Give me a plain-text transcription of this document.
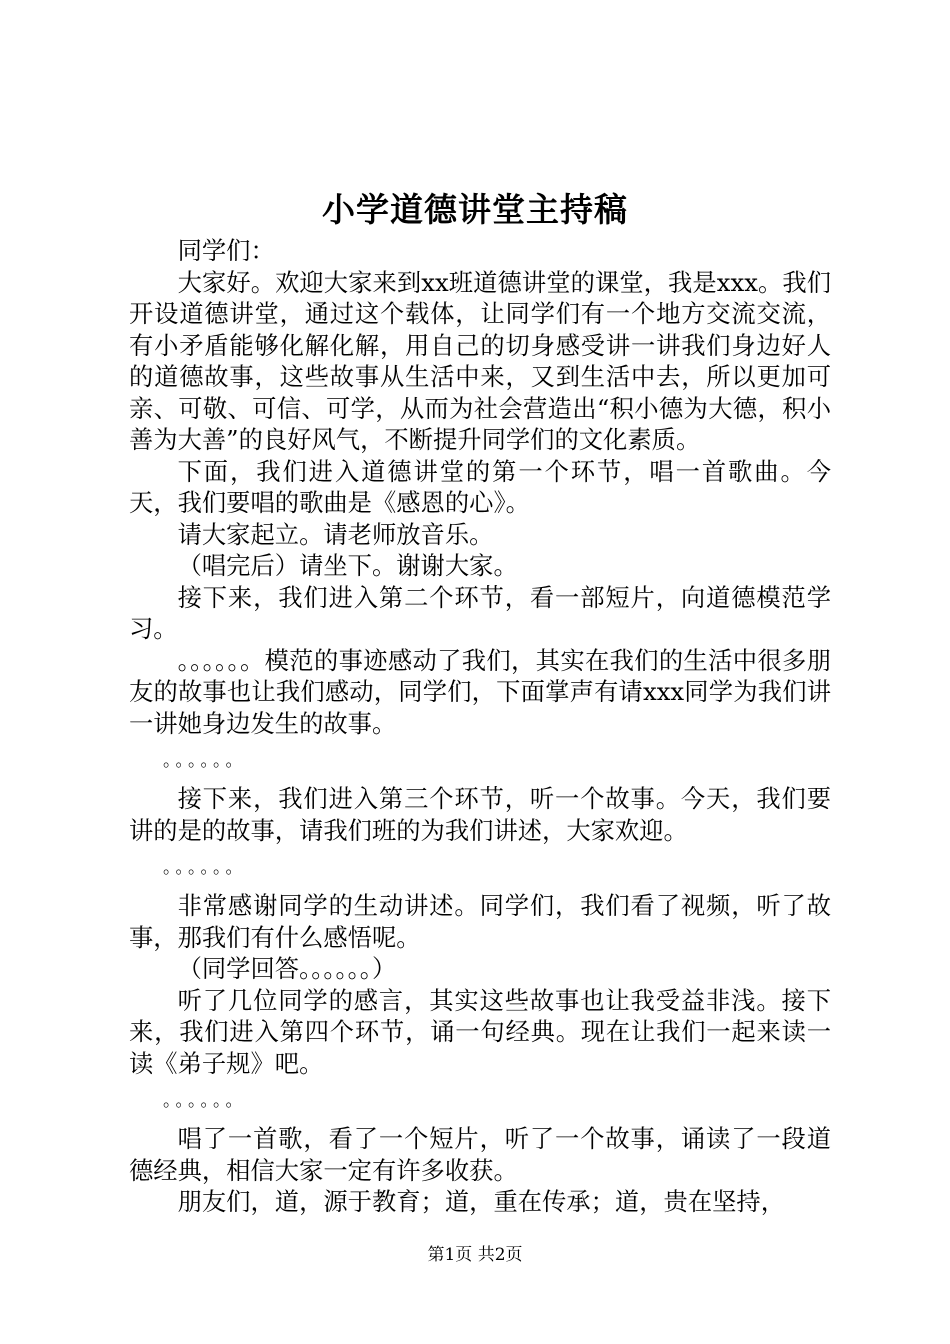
小学道德讲堂主持稿

同学们：

大家好。欢迎大家来到xx班道德讲堂的课堂，我是xxx。我们开设道德讲堂，通过这个载体，让同学们有一个地方交流交流，有小矛盾能够化解化解，用自己的切身感受讲一讲我们身边好人的道德故事，这些故事从生活中来，又到生活中去，所以更加可亲、可敬、可信、可学，从而为社会营造出“积小德为大德，积小善为大善”的良好风气，不断提升同学们的文化素质。

下面，我们进入道德讲堂的第一个环节，唱一首歌曲。今天，我们要唱的歌曲是《感恩的心》。

请大家起立。请老师放音乐。

（唱完后）请坐下。谢谢大家。

接下来，我们进入第二个环节，看一部短片，向道德模范学习。

。。。。。。模范的事迹感动了我们，其实在我们的生活中很多朋友的故事也让我们感动，同学们，下面掌声有请xxx同学为我们讲一讲她身边发生的故事。

。。。。。。

接下来，我们进入第三个环节，听一个故事。今天，我们要讲的是的故事，请我们班的为我们讲述，大家欢迎。

。。。。。。

非常感谢同学的生动讲述。同学们，我们看了视频，听了故事，那我们有什么感悟呢。

（同学回答。。。。。。）

听了几位同学的感言，其实这些故事也让我受益非浅。接下来，我们进入第四个环节，诵一句经典。现在让我们一起来读一读《弟子规》吧。

。。。。。。

唱了一首歌，看了一个短片，听了一个故事，诵读了一段道德经典，相信大家一定有许多收获。

朋友们，道，源于教育；道，重在传承；道，贵在坚持，

第1页 共2页
